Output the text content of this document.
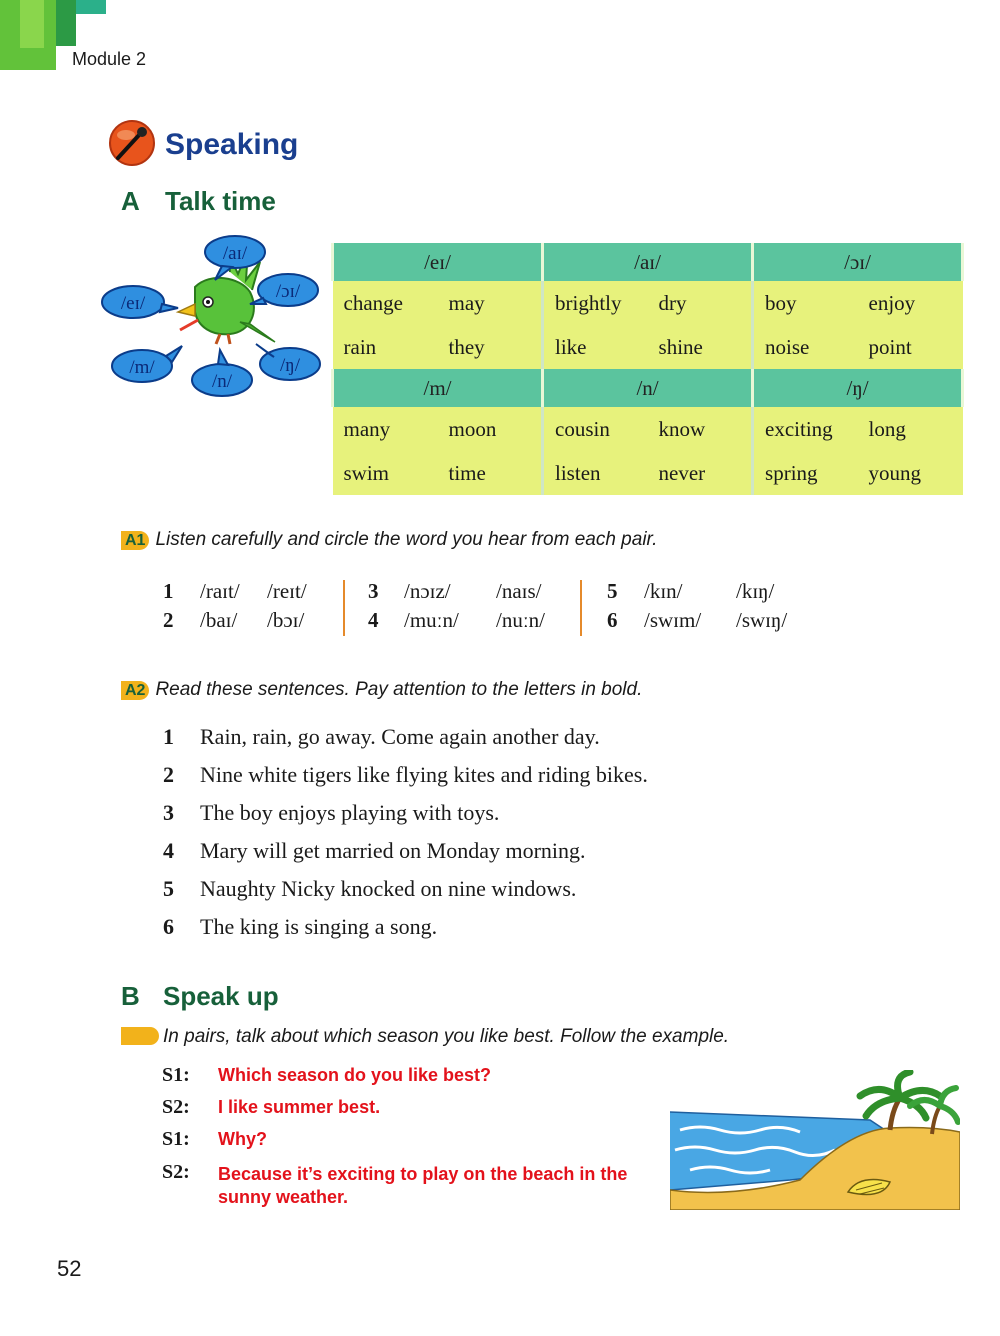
Module 2
Speaking
A Talk time
/aɪ/
/eɪ/
/ɔɪ/
/m/
/n/
/ŋ/
/eɪ/		/aɪ/		/ɔɪ/	
change	may	brightly	dry	boy	enjoy
rain	they	like	shine	noise	point
/m/		/n/		/ŋ/	
many	moon	cousin	know	exciting	long
swim	time	listen	never	spring	young
A1 Listen carefully and circle the word you hear from each pair.
1 /raɪt/ /reɪt/
2 /baɪ/ /bɔɪ/
3 /nɔɪz/ /naɪs/
4 /muːn/ /nuːn/
5 /kɪn/	/kɪŋ/
6 /swɪm/ /swɪŋ/
A2 Read these sentences. Pay attention to the letters in bold.
1 Rain, rain, go away. Come again another day.
2 Nine white tigers like flying kites and riding bikes.
3 The boy enjoys playing with toys.
4 Mary will get married on Monday morning.
5 Naughty Nicky knocked on nine windows.
6 The king is singing a song.
B Speak up
In pairs, talk about which season you like best. Follow the example.
S1: Which season do you like best?
S2: I like summer best.
S1: Why?
S2: Because it’s exciting to play on the beach in the sunny weather.
52
